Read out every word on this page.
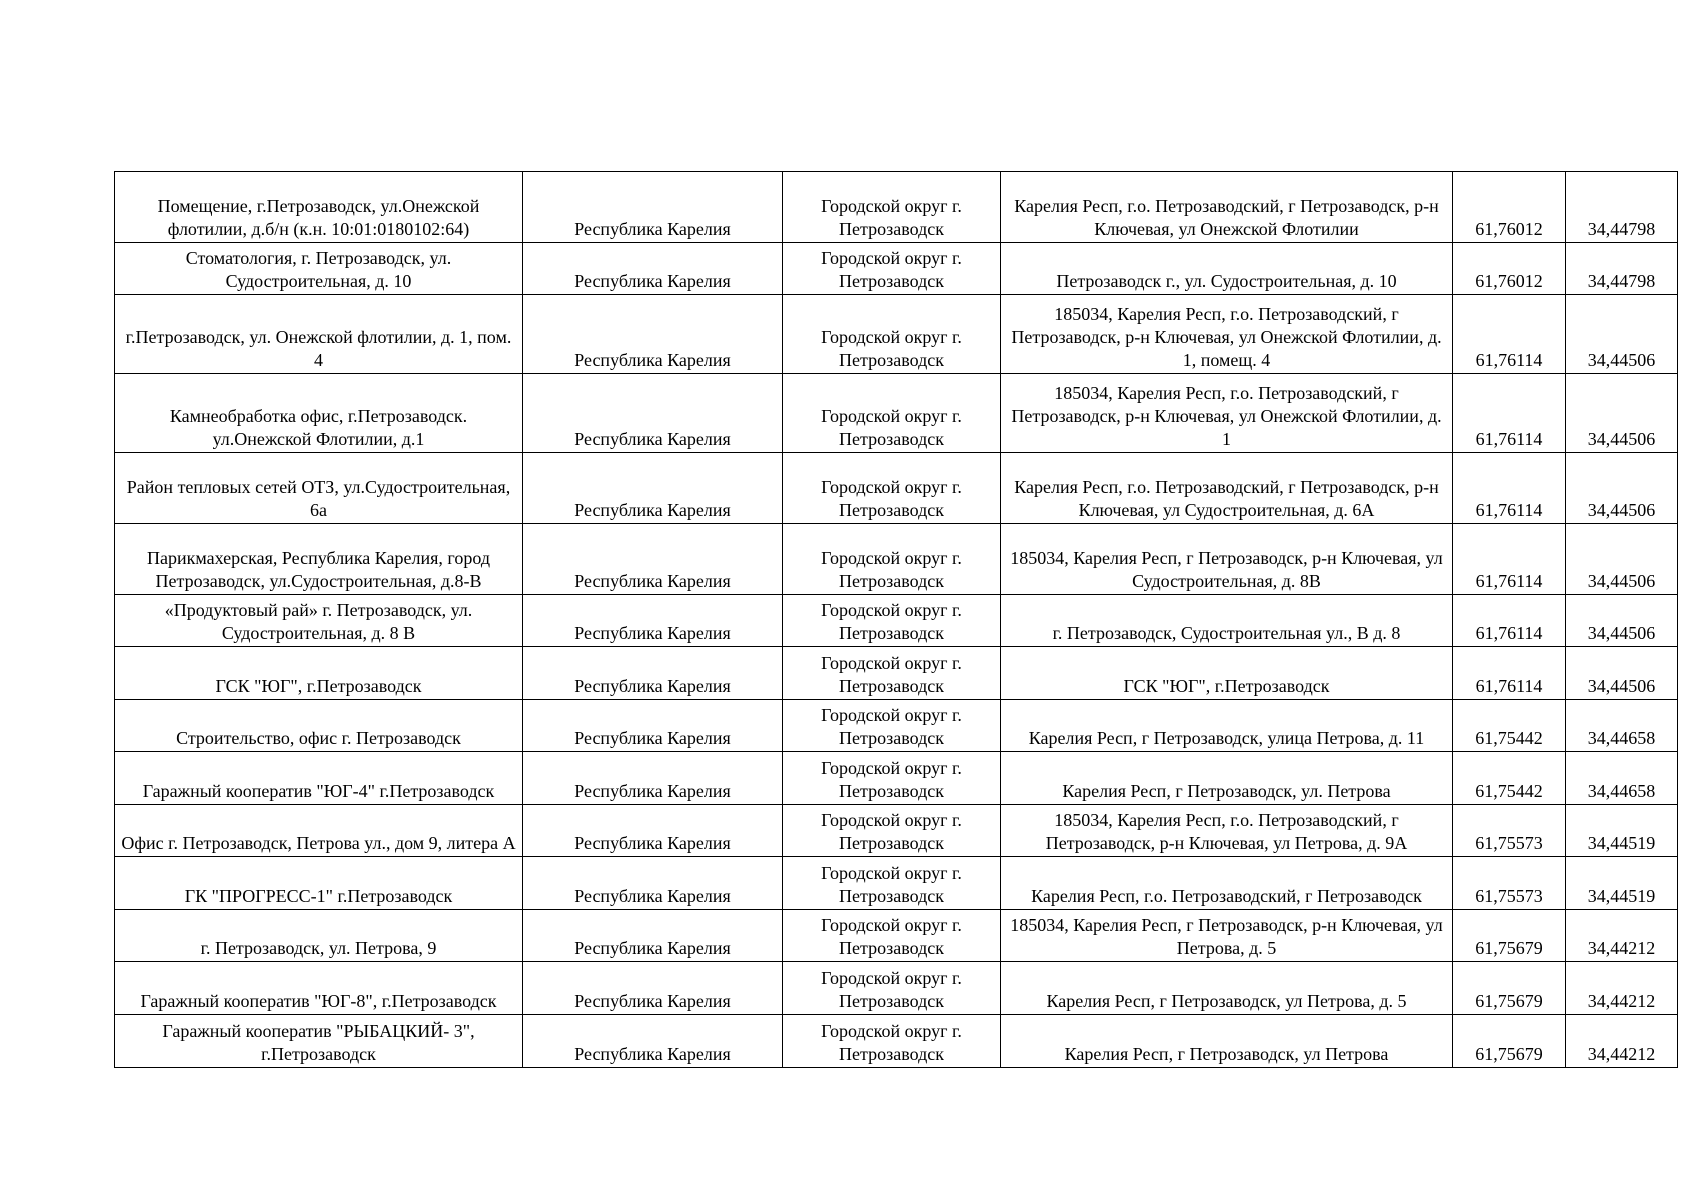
Помещение, г.Петрозаводск, ул.Онежской флотилии, д.б/н (к.н. 10:01:0180102:64)	Республика Карелия	Городской округ г. Петрозаводск	Карелия Респ, г.о. Петрозаводский, г Петрозаводск, р-н Ключевая, ул Онежской Флотилии	61,76012	34,44798
Стоматология, г. Петрозаводск, ул. Судостроительная, д. 10	Республика Карелия	Городской округ г. Петрозаводск	Петрозаводск г., ул. Судостроительная, д. 10	61,76012	34,44798
г.Петрозаводск, ул. Онежской флотилии, д. 1, пом. 4	Республика Карелия	Городской округ г. Петрозаводск	185034, Карелия Респ, г.о. Петрозаводский, г Петрозаводск, р-н Ключевая, ул Онежской Флотилии, д. 1, помещ. 4	61,76114	34,44506
Камнеобработка офис, г.Петрозаводск. ул.Онежской Флотилии, д.1	Республика Карелия	Городской округ г. Петрозаводск	185034, Карелия Респ, г.о. Петрозаводский, г Петрозаводск, р-н Ключевая, ул Онежской Флотилии, д. 1	61,76114	34,44506
Район тепловых сетей ОТЗ, ул.Судостроительная, 6а	Республика Карелия	Городской округ г. Петрозаводск	Карелия Респ, г.о. Петрозаводский, г Петрозаводск, р-н Ключевая, ул Судостроительная, д. 6А	61,76114	34,44506
Парикмахерская, Республика Карелия, город Петрозаводск, ул.Судостроительная, д.8-В	Республика Карелия	Городской округ г. Петрозаводск	185034, Карелия Респ, г Петрозаводск, р-н Ключевая, ул Судостроительная, д. 8В	61,76114	34,44506
«Продуктовый рай» г. Петрозаводск, ул. Судостроительная, д. 8 В	Республика Карелия	Городской округ г. Петрозаводск	г. Петрозаводск, Судостроительная ул., В д. 8	61,76114	34,44506
ГСК "ЮГ", г.Петрозаводск	Республика Карелия	Городской округ г. Петрозаводск	ГСК "ЮГ", г.Петрозаводск	61,76114	34,44506
Строительство, офис г. Петрозаводск	Республика Карелия	Городской округ г. Петрозаводск	Карелия Респ, г Петрозаводск, улица Петрова, д. 11	61,75442	34,44658
Гаражный кооператив "ЮГ-4" г.Петрозаводск	Республика Карелия	Городской округ г. Петрозаводск	Карелия Респ, г Петрозаводск, ул. Петрова	61,75442	34,44658
Офис г. Петрозаводск, Петрова ул., дом 9, литера А	Республика Карелия	Городской округ г. Петрозаводск	185034, Карелия Респ, г.о. Петрозаводский, г Петрозаводск, р-н Ключевая, ул Петрова, д. 9А	61,75573	34,44519
ГК "ПРОГРЕСС-1" г.Петрозаводск	Республика Карелия	Городской округ г. Петрозаводск	Карелия Респ, г.о. Петрозаводский, г Петрозаводск	61,75573	34,44519
г. Петрозаводск, ул. Петрова, 9	Республика Карелия	Городской округ г. Петрозаводск	185034, Карелия Респ, г Петрозаводск, р-н Ключевая, ул Петрова, д. 5	61,75679	34,44212
Гаражный кооператив "ЮГ-8", г.Петрозаводск	Республика Карелия	Городской округ г. Петрозаводск	Карелия Респ, г Петрозаводск, ул Петрова, д. 5	61,75679	34,44212
Гаражный кооператив "РЫБАЦКИЙ- 3", г.Петрозаводск	Республика Карелия	Городской округ г. Петрозаводск	Карелия Респ, г Петрозаводск, ул Петрова	61,75679	34,44212
